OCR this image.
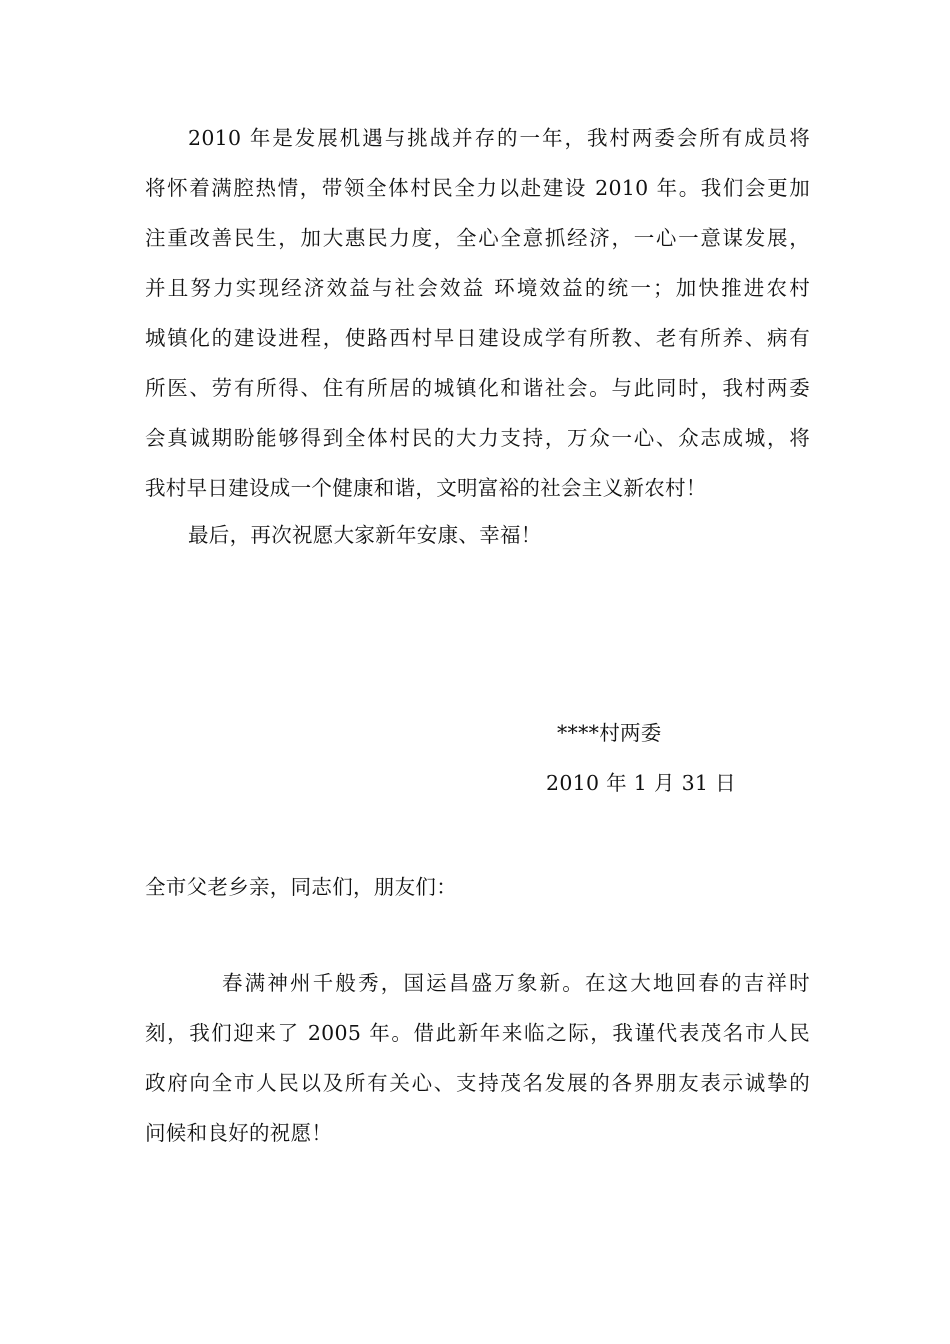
2010 年是发展机遇与挑战并存的一年，我村两委会所有成员将
将怀着满腔热情，带领全体村民全力以赴建设 2010 年。我们会更加
注重改善民生，加大惠民力度，全心全意抓经济，一心一意谋发展，
并且努力实现经济效益与社会效益 环境效益的统一；加快推进农村
城镇化的建设进程，使路西村早日建设成学有所教、老有所养、病有
所医、劳有所得、住有所居的城镇化和谐社会。与此同时，我村两委
会真诚期盼能够得到全体村民的大力支持，万众一心、众志成城，将
我村早日建设成一个健康和谐，文明富裕的社会主义新农村！
最后，再次祝愿大家新年安康、幸福！
****村两委
2010 年 1 月 31 日
全市父老乡亲，同志们，朋友们：
春满神州千般秀，国运昌盛万象新。在这大地回春的吉祥时
刻，我们迎来了 2005 年。借此新年来临之际，我谨代表茂名市人民
政府向全市人民以及所有关心、支持茂名发展的各界朋友表示诚挚的
问候和良好的祝愿！
